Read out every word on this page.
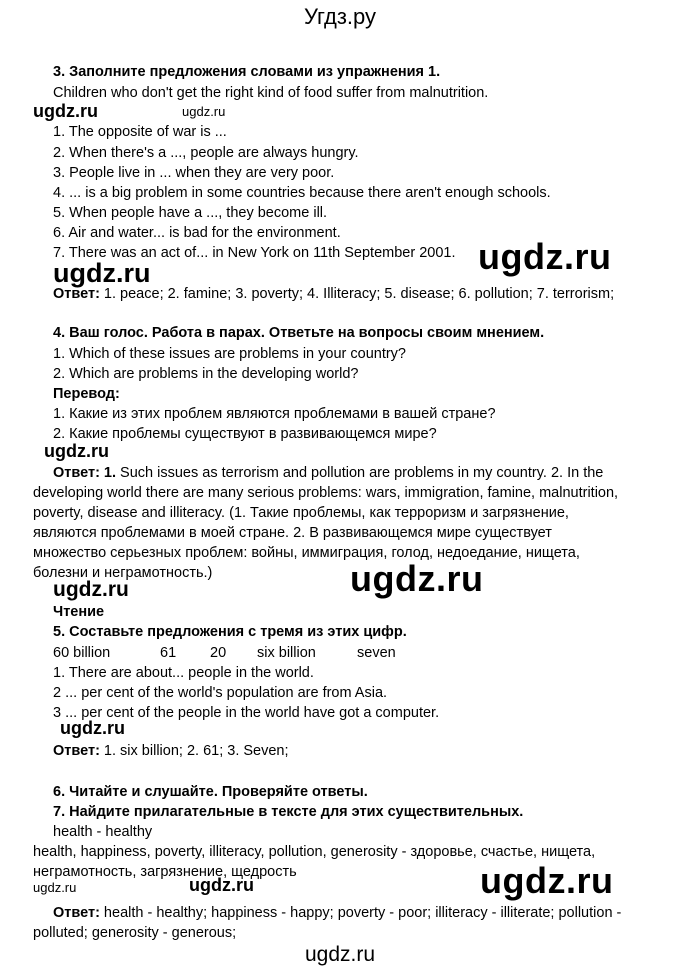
Угдз.ру
3. Заполните предложения словами из упражнения 1.
Children who don't get the right kind of food suffer from malnutrition.
ugdz.ru	ugdz.ru
1. The opposite of war is ...
2. When there's a ..., people are always hungry.
3. People live in ... when they are very poor.
4. ... is a big problem in some countries because there aren't enough schools.
5. When people have a ..., they become ill.
6. Air and water... is bad for the environment.
7. There was an act of... in New York on 11th September 2001. ugdz.ru
ugdz.ru
Ответ: 1. peace; 2. famine; 3. poverty; 4. Illiteracy; 5. disease; 6. pollution; 7. terrorism;
4. Ваш голос. Работа в парах. Ответьте на вопросы своим мнением.
1. Which of these issues are problems in your country?
2. Which are problems in the developing world?
Перевод:
1. Какие из этих проблем являются проблемами в вашей стране?
2. Какие проблемы существуют в развивающемся мире?
ugdz.ru
Ответ: 1. Such issues as terrorism and pollution are problems in my country. 2. In the
developing world there are many serious problems: wars, immigration, famine, malnutrition,
poverty, disease and illiteracy. (1. Такие проблемы, как терроризм и загрязнение,
являются проблемами в моей стране. 2. В развивающемся мире существует
множество серьезных проблем: войны, иммиграция, голод, недоедание, нищета,
болезни и неграмотность.)
ugdz.ru	ugdz.ru
Чтение
5. Составьте предложения с тремя из этих цифр.
60 billion	61 20 six billion	seven
1. There are about... people in the world.
2 ... per cent of the world's population are from Asia.
3 ... per cent of the people in the world have got a computer.
ugdz.ru
Ответ: 1. six billion; 2. 61; 3. Seven;
6. Читайте и слушайте. Проверяйте ответы.
7. Найдите прилагательные в тексте для этих существительных.
health - healthy
health, happiness, poverty, illiteracy, pollution, generosity - здоровье, счастье, нищета,
неграмотность, загрязнение, щедрость
ugdz.ru	ugdz.ru	ugdz.ru
Ответ: health - healthy; happiness - happy; poverty - poor; illiteracy - illiterate; pollution -
polluted; generosity - generous;
ugdz.ru
